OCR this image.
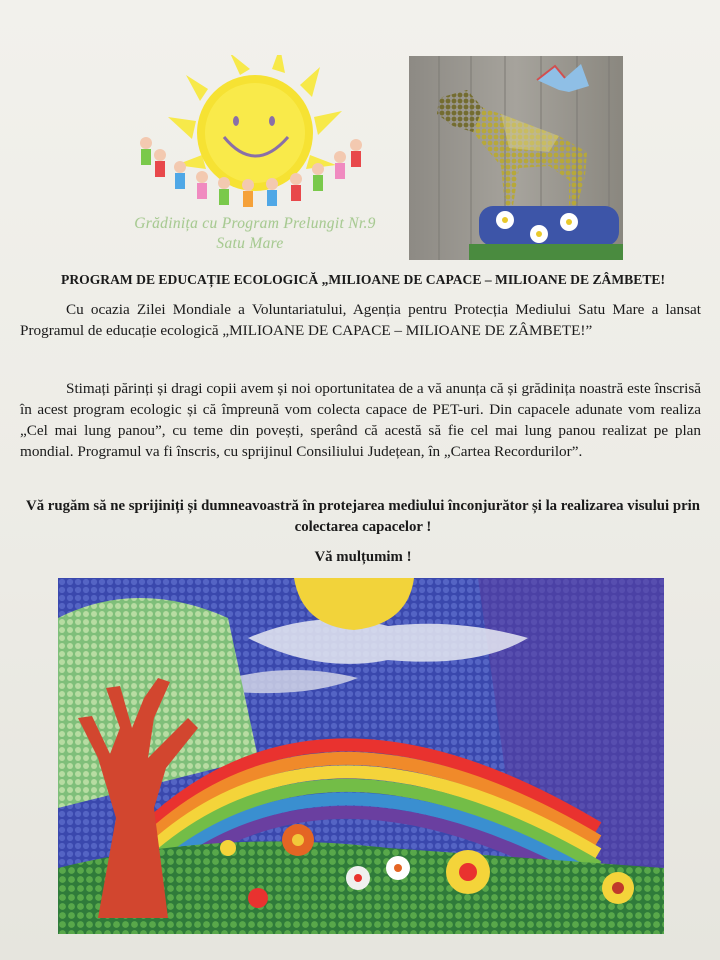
Grădinița cu Program Prelungit Nr.9
Satu Mare
PROGRAM DE EDUCAȚIE ECOLOGICĂ „MILIOANE DE CAPACE – MILIOANE DE ZÂMBETE!

Cu ocazia Zilei Mondiale a Voluntariatului, Agenția pentru Protecția Mediului Satu Mare a lansat Programul de educație ecologică „MILIOANE DE CAPACE – MILIOANE DE ZÂMBETE!”

Stimați părinți și dragi copii avem și noi oportunitatea de a vă anunța că și grădinița noastră este înscrisă în acest program ecologic și că împreună vom colecta capace de PET-uri. Din capacele adunate vom realiza „Cel mai lung panou”, cu teme din povești, sperând că acestă să fie cel mai lung panou realizat pe plan mondial. Programul va fi înscris, cu sprijinul Consiliului Județean, în „Cartea Recordurilor”.

Vă rugăm să ne sprijiniți și dumneavoastră în protejarea mediului înconjurător și la realizarea visului prin colectarea capacelor !

Vă mulțumim !
